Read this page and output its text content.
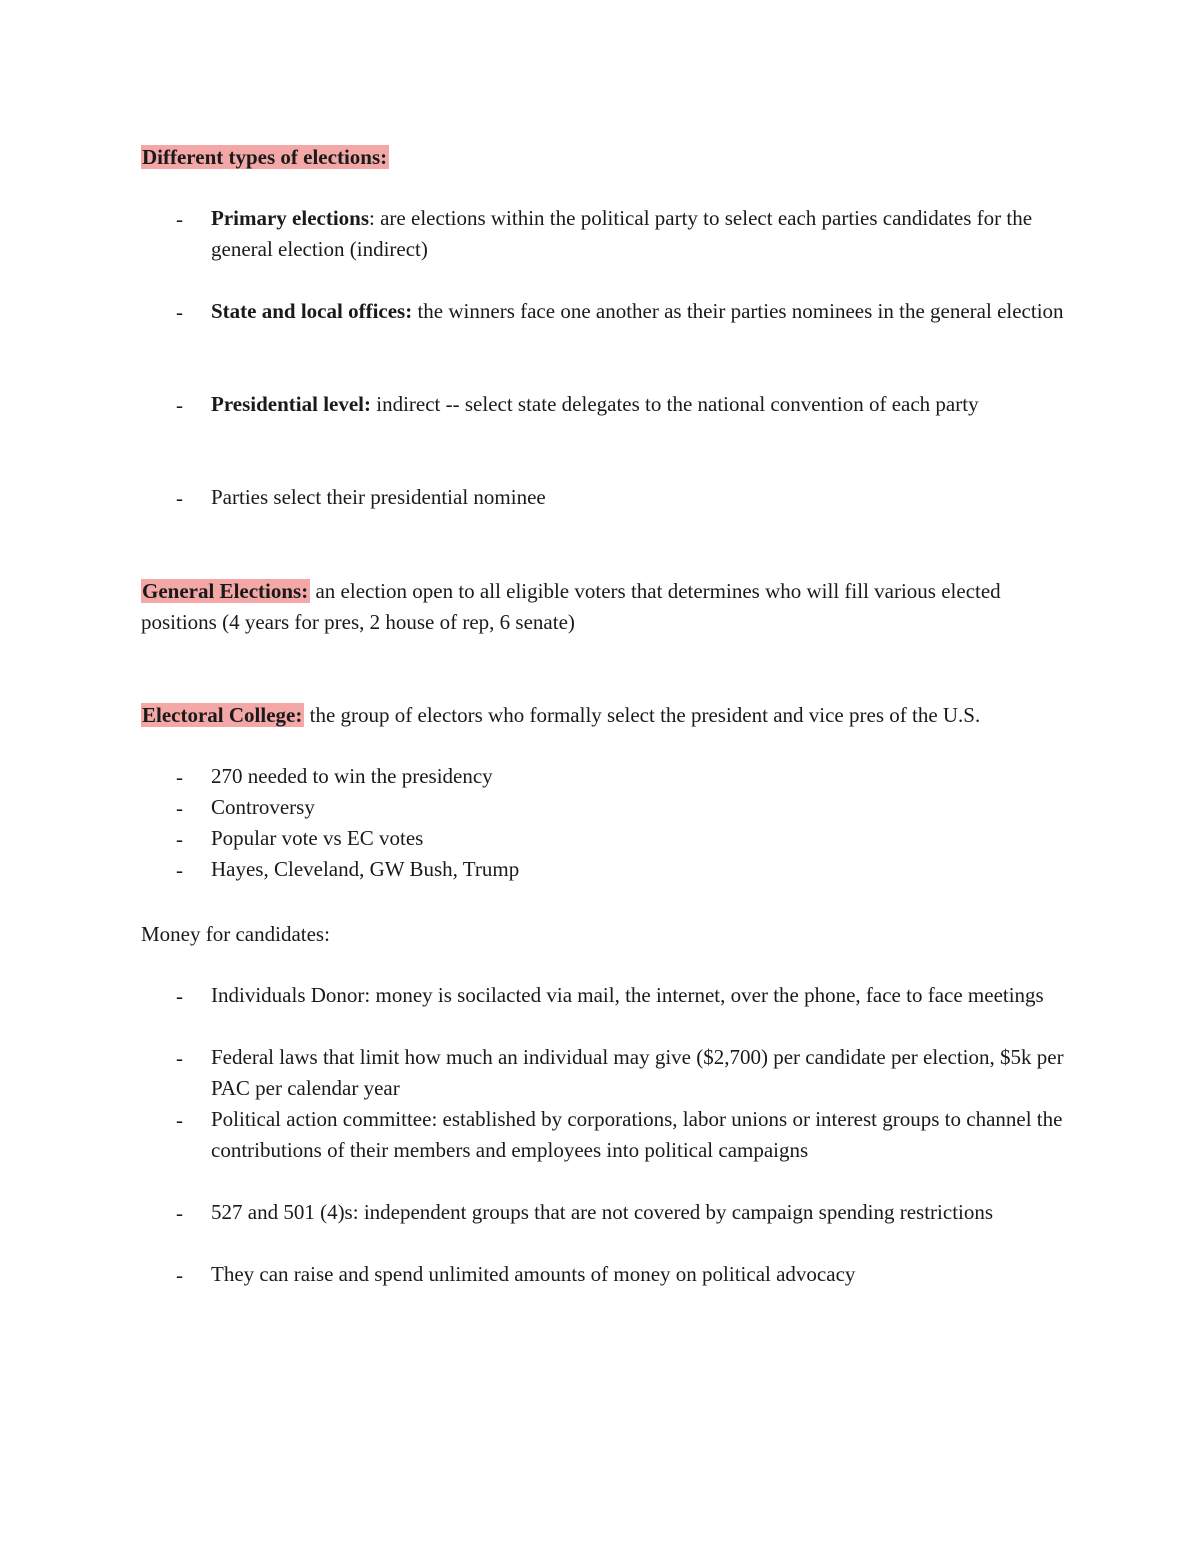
Different types of elections:
- Primary elections: are elections within the political party to select each parties candidates for the general election (indirect)
- State and local offices: the winners face one another as their parties nominees in the general election
- Presidential level: indirect -- select state delegates to the national convention of each party
- Parties select their presidential nominee
General Elections: an election open to all eligible voters that determines who will fill various elected positions (4 years for pres, 2 house of rep, 6 senate)
Electoral College: the group of electors who formally select the president and vice pres of the U.S.
- 270 needed to win the presidency
- Controversy
- Popular vote vs EC votes
- Hayes, Cleveland, GW Bush, Trump
Money for candidates:
- Individuals Donor: money is socilacted via mail, the internet, over the phone, face to face meetings
- Federal laws that limit how much an individual may give ($2,700) per candidate per election, $5k per PAC per calendar year
- Political action committee: established by corporations, labor unions or interest groups to channel the contributions of their members and employees into political campaigns
- 527 and 501 (4)s: independent groups that are not covered by campaign spending restrictions
- They can raise and spend unlimited amounts of money on political advocacy
